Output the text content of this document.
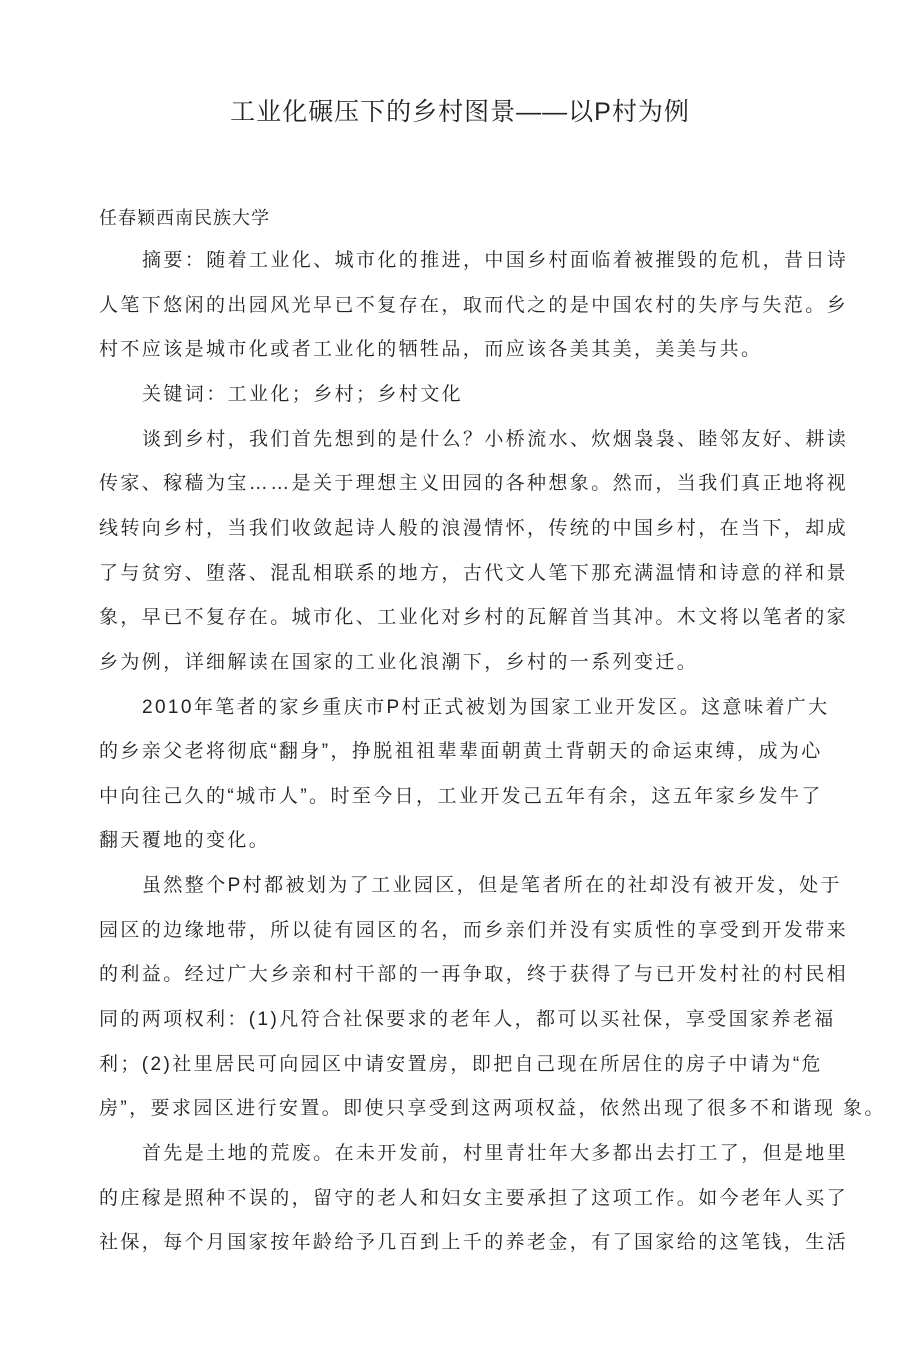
工业化碾压下的乡村图景——以P村为例
任春颖西南民族大学
摘要：随着工业化、城市化的推进，中国乡村面临着被摧毁的危机，昔日诗
人笔下悠闲的出园风光早已不复存在，取而代之的是中国农村的失序与失范。乡
村不应该是城市化或者工业化的牺牲品，而应该各美其美，美美与共。
关键词：工业化；乡村；乡村文化
谈到乡村，我们首先想到的是什么？小桥流水、炊烟袅袅、睦邻友好、耕读
传家、稼穑为宝……是关于理想主义田园的各种想象。然而，当我们真正地将视
线转向乡村，当我们收敛起诗人般的浪漫情怀，传统的中国乡村，在当下，却成
了与贫穷、堕落、混乱相联系的地方，古代文人笔下那充满温情和诗意的祥和景
象，早已不复存在。城市化、工业化对乡村的瓦解首当其冲。木文将以笔者的家
乡为例，详细解读在国家的工业化浪潮下，乡村的一系列变迁。
2010年笔者的家乡重庆市P村正式被划为国家工业开发区。这意味着广大
的乡亲父老将彻底“翻身”，挣脱祖祖辈辈面朝黄土背朝天的命运束缚，成为心
中向往己久的“城市人”。时至今日，工业开发己五年有余，这五年家乡发牛了
翻天覆地的变化。
虽然整个P村都被划为了工业园区，但是笔者所在的社却没有被开发，处于
园区的边缘地带，所以徒有园区的名，而乡亲们并没有实质性的享受到开发带来
的利益。经过广大乡亲和村干部的一再争取，终于获得了与已开发村社的村民相
同的两项权利：(1)凡符合社保要求的老年人，都可以买社保，享受国家养老福
利；(2)社里居民可向园区中请安置房，即把自己现在所居住的房子中请为“危
房”，要求园区进行安置。即使只享受到这两项权益，依然出现了很多不和谐现 象。
首先是土地的荒废。在未开发前，村里青壮年大多都出去打工了，但是地里
的庄稼是照种不误的，留守的老人和妇女主要承担了这项工作。如今老年人买了
社保，每个月国家按年龄给予几百到上千的养老金，有了国家给的这笔钱，生活
